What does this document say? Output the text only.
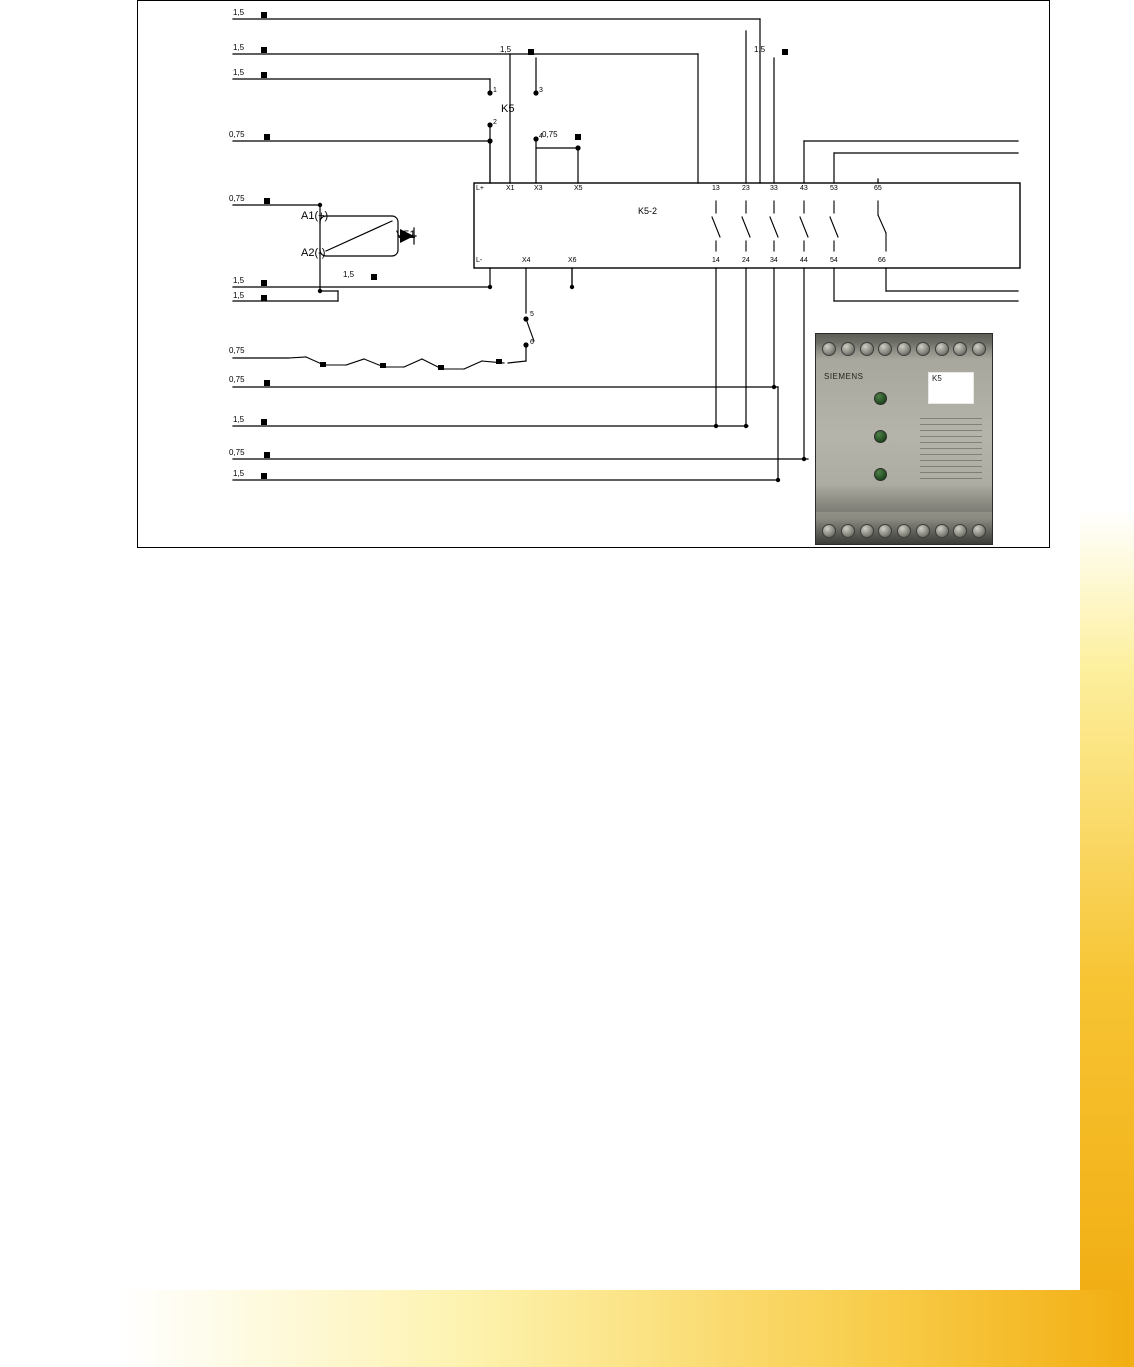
1,5
1,5
1,5
0,75
0,75
1,5
1,5
0,75
0,75
1,5
0,75
1,5
1,5	1,5
0,75
1,5
K5-2
L+	X1	X3	X5	13	23	33	43	53	65
L-	X4	X6	14	24	34	44	54	66
K5
A1(+)
A2(-)
V51
1
2
3
4
5
6
SIEMENS	K5
